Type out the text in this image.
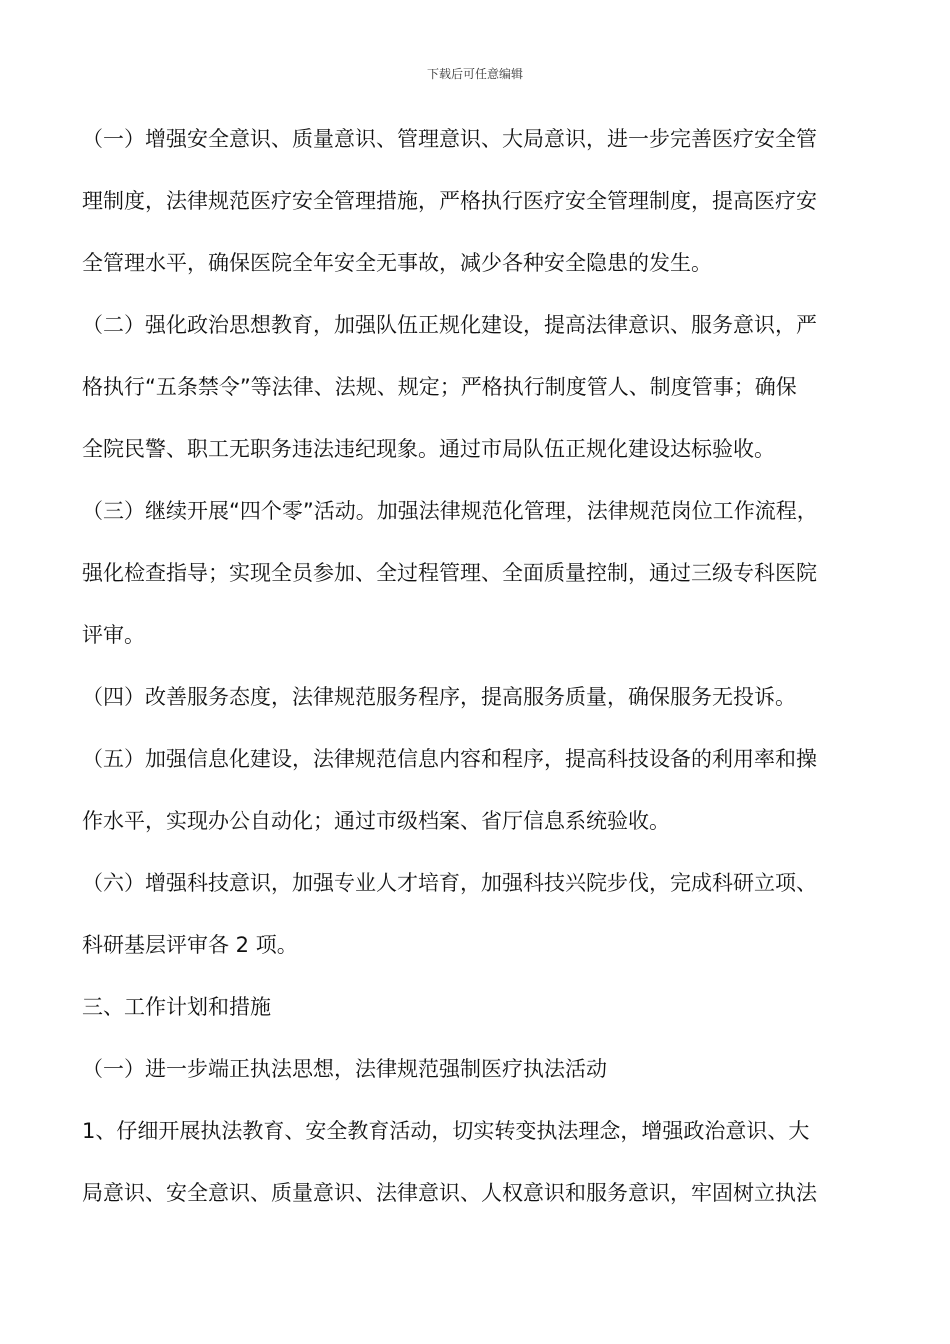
下载后可任意编辑
（一）增强安全意识、质量意识、管理意识、大局意识，进一步完善医疗安全管
理制度，法律规范医疗安全管理措施，严格执行医疗安全管理制度，提高医疗安
全管理水平，确保医院全年安全无事故，减少各种安全隐患的发生。
（二）强化政治思想教育，加强队伍正规化建设，提高法律意识、服务意识，严
格执行“五条禁令”等法律、法规、规定；严格执行制度管人、制度管事；确保
全院民警、职工无职务违法违纪现象。通过市局队伍正规化建设达标验收。
（三）继续开展“四个零”活动。加强法律规范化管理，法律规范岗位工作流程，
强化检查指导；实现全员参加、全过程管理、全面质量控制，通过三级专科医院
评审。
（四）改善服务态度，法律规范服务程序，提高服务质量，确保服务无投诉。
（五）加强信息化建设，法律规范信息内容和程序，提高科技设备的利用率和操
作水平，实现办公自动化；通过市级档案、省厅信息系统验收。
（六）增强科技意识，加强专业人才培育，加强科技兴院步伐，完成科研立项、
科研基层评审各 2 项。
三、工作计划和措施
（一）进一步端正执法思想，法律规范强制医疗执法活动
1、仔细开展执法教育、安全教育活动，切实转变执法理念，增强政治意识、大
局意识、安全意识、质量意识、法律意识、人权意识和服务意识，牢固树立执法
